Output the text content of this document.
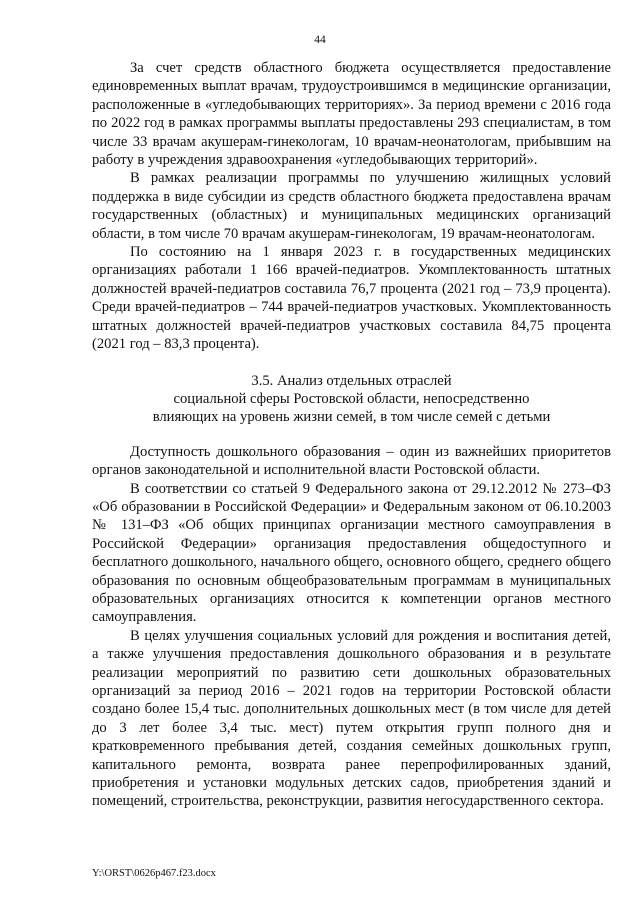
44

За счет средств областного бюджета осуществляется предоставление единовременных выплат врачам, трудоустроившимся в медицинские организации, расположенные в «угледобывающих территориях». За период времени с 2016 года по 2022 год в рамках программы выплаты предоставлены 293 специалистам, в том числе 33 врачам акушерам-гинекологам, 10 врачам-неонатологам, прибывшим на работу в учреждения здравоохранения «угледобывающих территорий».

В рамках реализации программы по улучшению жилищных условий поддержка в виде субсидии из средств областного бюджета предоставлена врачам государственных (областных) и муниципальных медицинских организаций области, в том числе 70 врачам акушерам-гинекологам, 19 врачам-неонатологам.

По состоянию на 1 января 2023 г. в государственных медицинских организациях работали 1 166 врачей-педиатров. Укомплектованность штатных должностей врачей-педиатров составила 76,7 процента (2021 год – 73,9 процента). Среди врачей-педиатров – 744 врачей-педиатров участковых. Укомплектованность штатных должностей врачей-педиатров участковых составила 84,75 процента (2021 год – 83,3 процента).

3.5. Анализ отдельных отраслей
социальной сферы Ростовской области, непосредственно
влияющих на уровень жизни семей, в том числе семей с детьми

Доступность дошкольного образования – один из важнейших приоритетов органов законодательной и исполнительной власти Ростовской области.

В соответствии со статьей 9 Федерального закона от 29.12.2012 № 273–ФЗ «Об образовании в Российской Федерации» и Федеральным законом от 06.10.2003 № 131–ФЗ «Об общих принципах организации местного самоуправления в Российской Федерации» организация предоставления общедоступного и бесплатного дошкольного, начального общего, основного общего, среднего общего образования по основным общеобразовательным программам в муниципальных образовательных организациях относится к компетенции органов местного самоуправления.

В целях улучшения социальных условий для рождения и воспитания детей, а также улучшения предоставления дошкольного образования и в результате реализации мероприятий по развитию сети дошкольных образовательных организаций за период 2016 – 2021 годов на территории Ростовской области создано более 15,4 тыс. дополнительных дошкольных мест (в том числе для детей до 3 лет более 3,4 тыс. мест) путем открытия групп полного дня и кратковременного пребывания детей, создания семейных дошкольных групп, капитального ремонта, возврата ранее перепрофилированных зданий, приобретения и установки модульных детских садов, приобретения зданий и помещений, строительства, реконструкции, развития негосударственного сектора.

Y:\ORST\0626p467.f23.docx
